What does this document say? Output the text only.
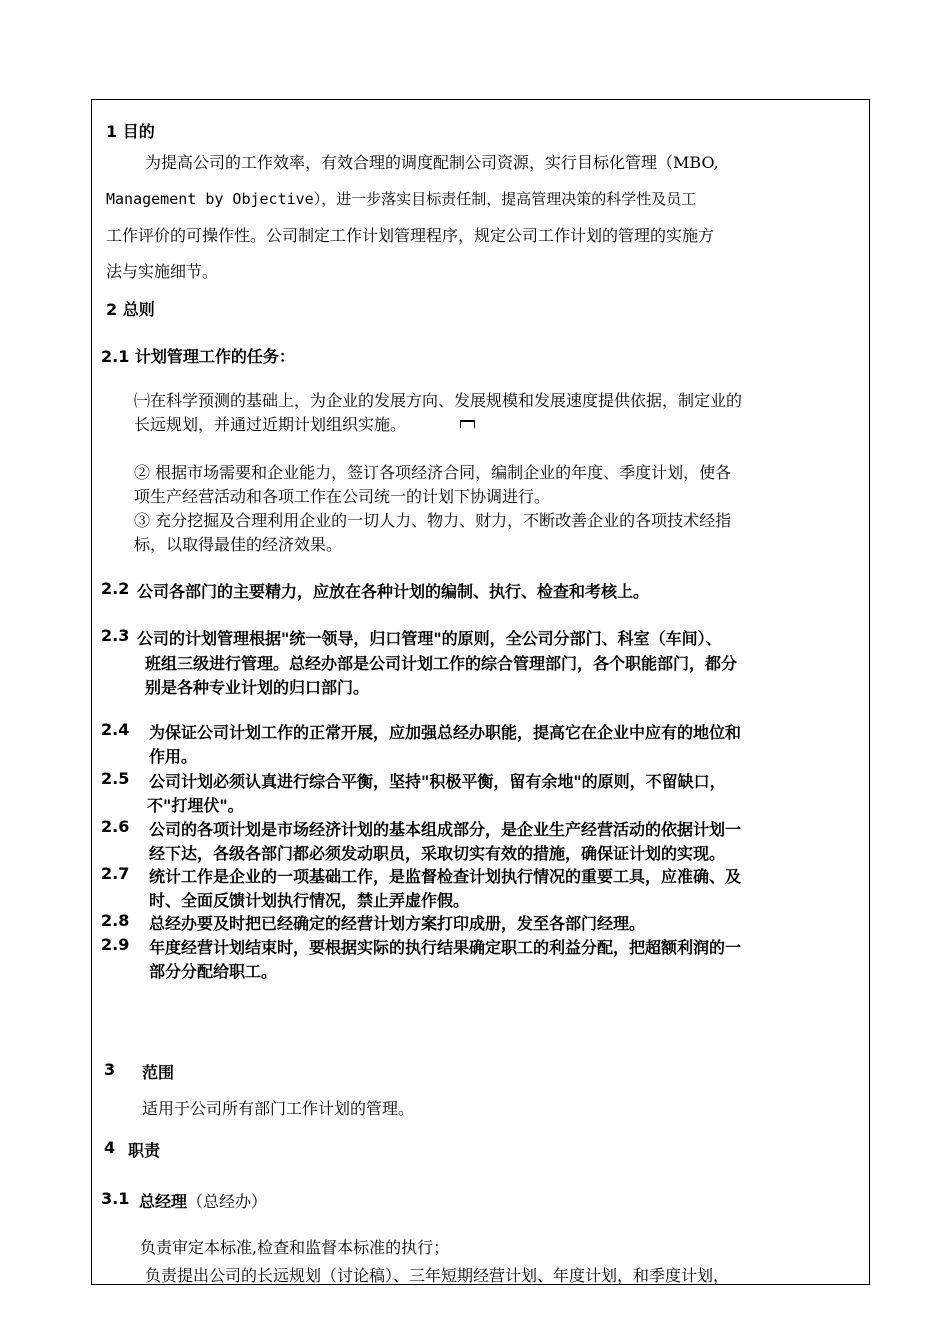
1 目的
为提高公司的工作效率，有效合理的调度配制公司资源，实行目标化管理（MBO,
Management by Objective），进一步落实目标责任制，提高管理决策的科学性及员工
工作评价的可操作性。公司制定工作计划管理程序，规定公司工作计划的管理的实施方
法与实施细节。
2 总则
2.1 计划管理工作的任务：
㈠在科学预测的基础上，为企业的发展方向、发展规模和发展速度提供依据，制定业的
长远规划，并通过近期计划组织实施。
② 根据市场需要和企业能力，签订各项经济合同，编制企业的年度、季度计划，使各
项生产经营活动和各项工作在公司统一的计划下协调进行。
③ 充分挖掘及合理利用企业的一切人力、物力、财力，不断改善企业的各项技术经指
标，以取得最佳的经济效果。
2.2 公司各部门的主要精力，应放在各种计划的编制、执行、检查和考核上。
2.3 公司的计划管理根据"统一领导，归口管理"的原则，全公司分部门、科室（车间）、
班组三级进行管理。总经办部是公司计划工作的综合管理部门，各个职能部门，都分
别是各种专业计划的归口部门。
2.4 为保证公司计划工作的正常开展，应加强总经办职能，提高它在企业中应有的地位和
作用。
2.5 公司计划必须认真进行综合平衡，坚持"积极平衡，留有余地"的原则，不留缺口，
不"打埋伏"。
2.6 公司的各项计划是市场经济计划的基本组成部分，是企业生产经营活动的依据计划一
经下达，各级各部门都必须发动职员，采取切实有效的措施，确保证计划的实现。
2.7 统计工作是企业的一项基础工作，是监督检查计划执行情况的重要工具，应准确、及
时、全面反馈计划执行情况，禁止弄虚作假。
2.8 总经办要及时把已经确定的经营计划方案打印成册，发至各部门经理。
2.9 年度经营计划结束时，要根据实际的执行结果确定职工的利益分配，把超额利润的一
部分分配给职工。
3 范围
适用于公司所有部门工作计划的管理。
4 职责
3.1 总经理（总经办）
负责审定本标准,检查和监督本标准的执行；
负责提出公司的长远规划（讨论稿）、三年短期经营计划、年度计划，和季度计划，
